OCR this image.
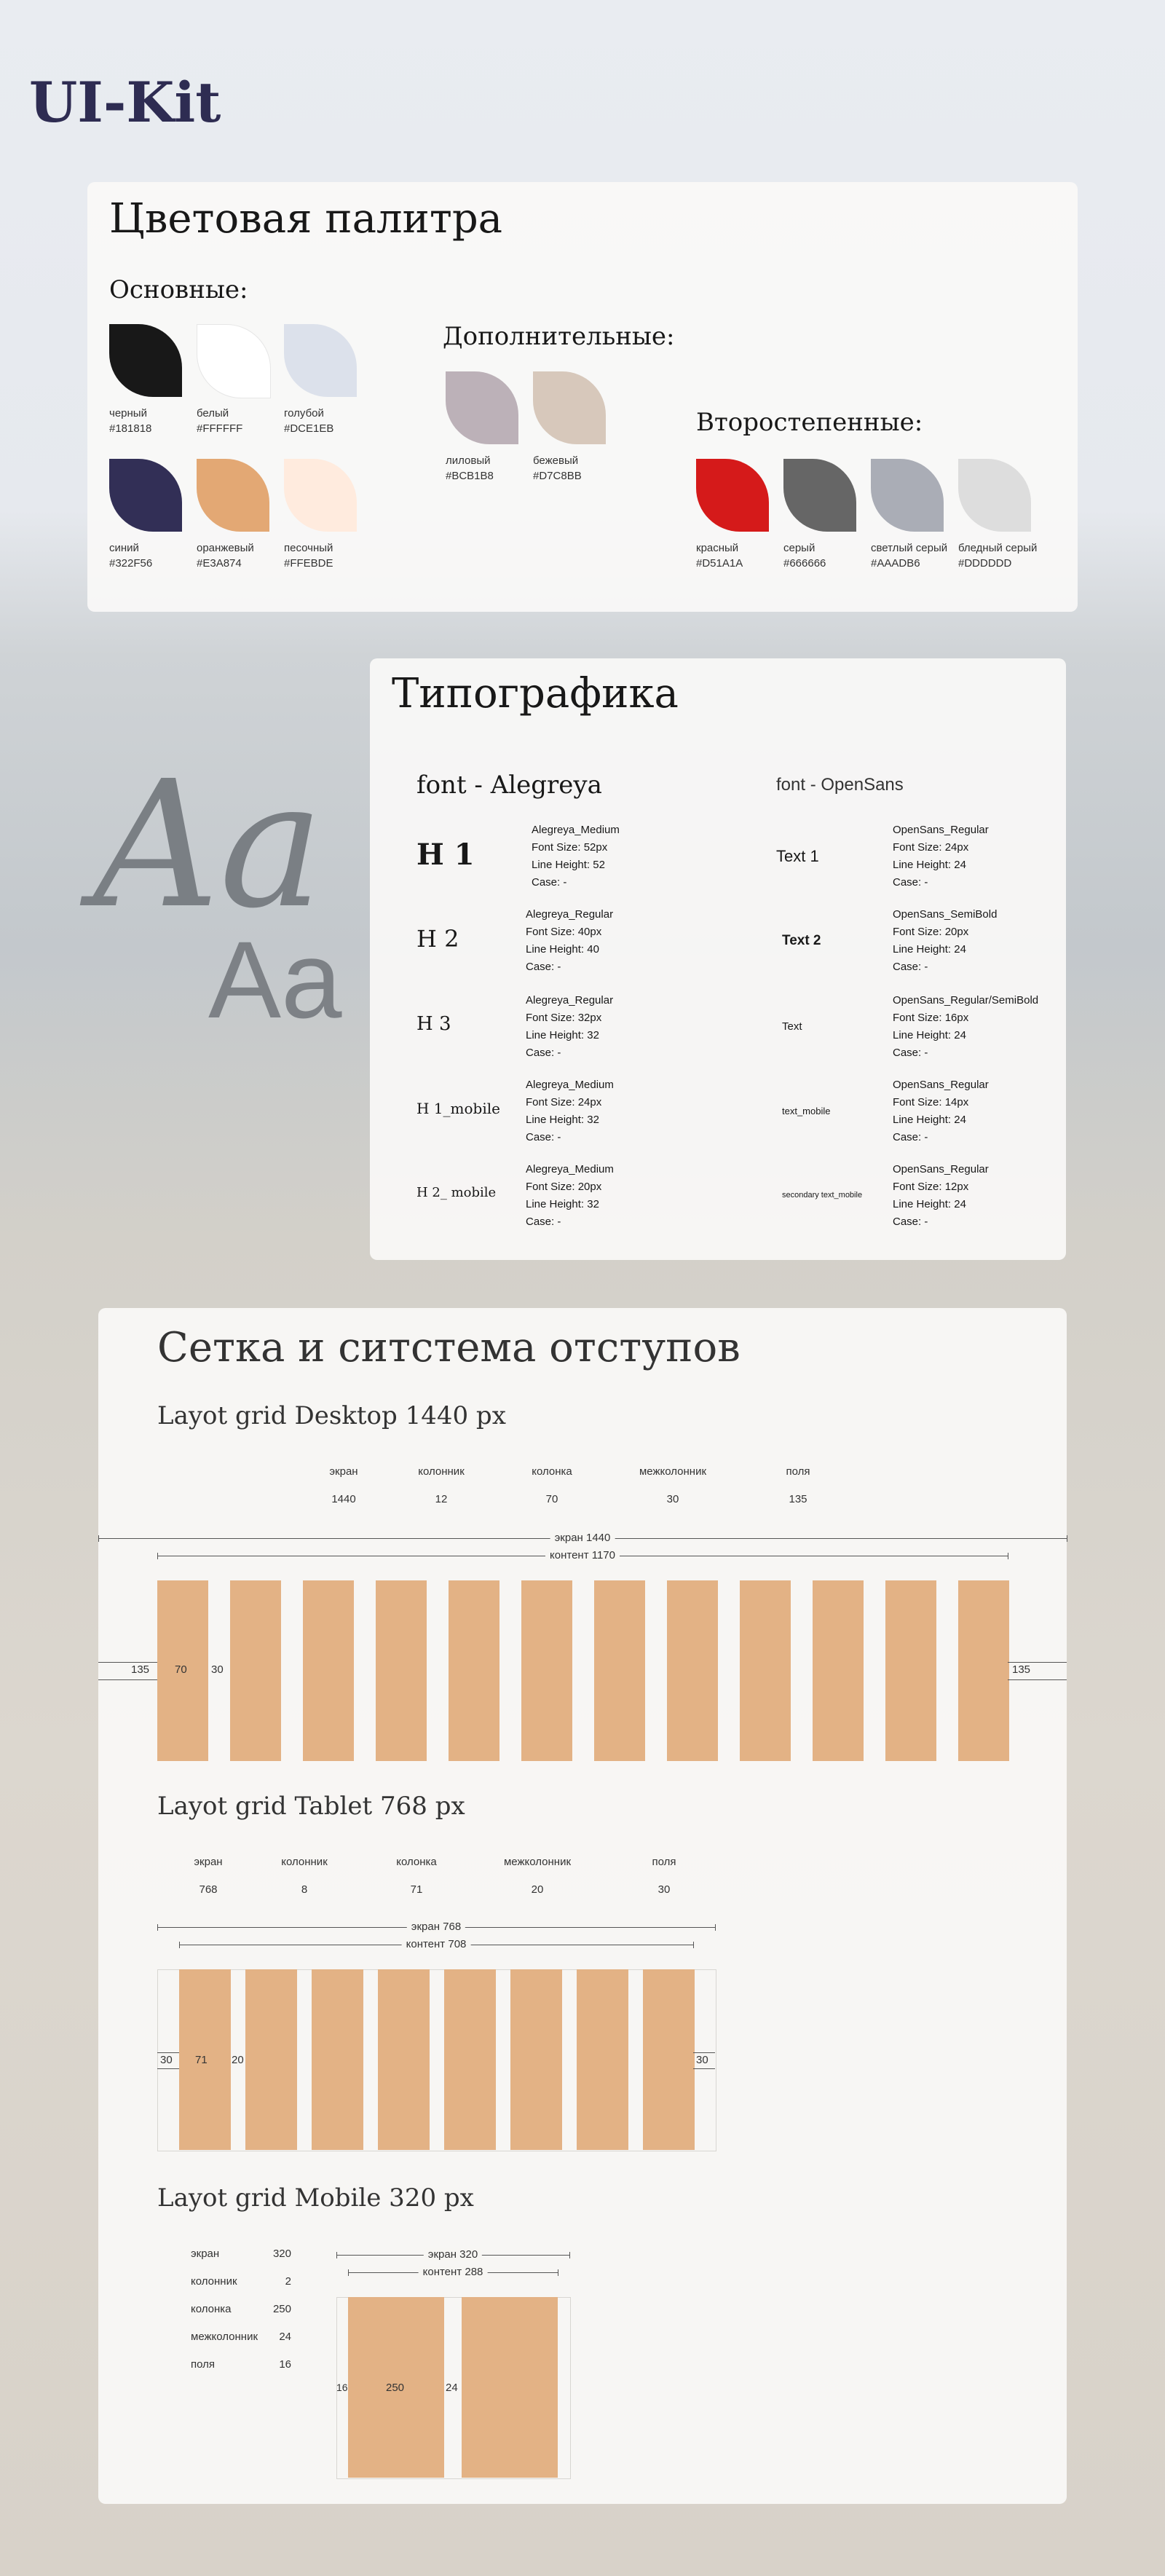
UI-Kit
Цветовая палитра
Основные:
Дополнительные:
Второстепенные:
черный
#181818
белый
#FFFFFF
голубой
#DCE1EB
синий
#322F56
оранжевый
#E3A874
песочный
#FFEBDE
лиловый
#BCB1B8
бежевый
#D7C8BB
красный
#D51A1A
серый
#666666
светлый серый
#AAADB6
бледный серый
#DDDDDD
Aa
Aa
Типографика
font - Alegreya	font - OpenSans
H 1
Alegreya_Medium
Font Size: 52px
Line Height: 52
Case: -
H 2
Alegreya_Regular
Font Size: 40px
Line Height: 40
Case: -
H 3
Alegreya_Regular
Font Size: 32px
Line Height: 32
Case: -
H 1_mobile
Alegreya_Medium
Font Size: 24px
Line Height: 32
Case: -
H 2_ mobile
Alegreya_Medium
Font Size: 20px
Line Height: 32
Case: -
Text 1
OpenSans_Regular
Font Size: 24px
Line Height: 24
Case: -
Text 2
OpenSans_SemiBold
Font Size: 20px
Line Height: 24
Case: -
Text
OpenSans_Regular/SemiBold
Font Size: 16px
Line Height: 24
Case: -
text_mobile
OpenSans_Regular
Font Size: 14px
Line Height: 24
Case: -
secondary text_mobile
OpenSans_Regular
Font Size: 12px
Line Height: 24
Case: -
Сетка и ситстема отступов
Layot grid Desktop 1440 px
экран
1440
колонник
12
колонка
70
межколонник
30
поля
135
экран 1440
контент 1170
135 70 30	135
Layot grid Tablet 768 px
экран
768
колонник
8
колонка
71
межколонник
20
поля
30
экран 768
контент 708
30 71 20	30
Layot grid Mobile 320 px
экран	320
колонник	2
колонка	250
межколонник	24
поля	16
экран 320
контент 288
16	250	24
